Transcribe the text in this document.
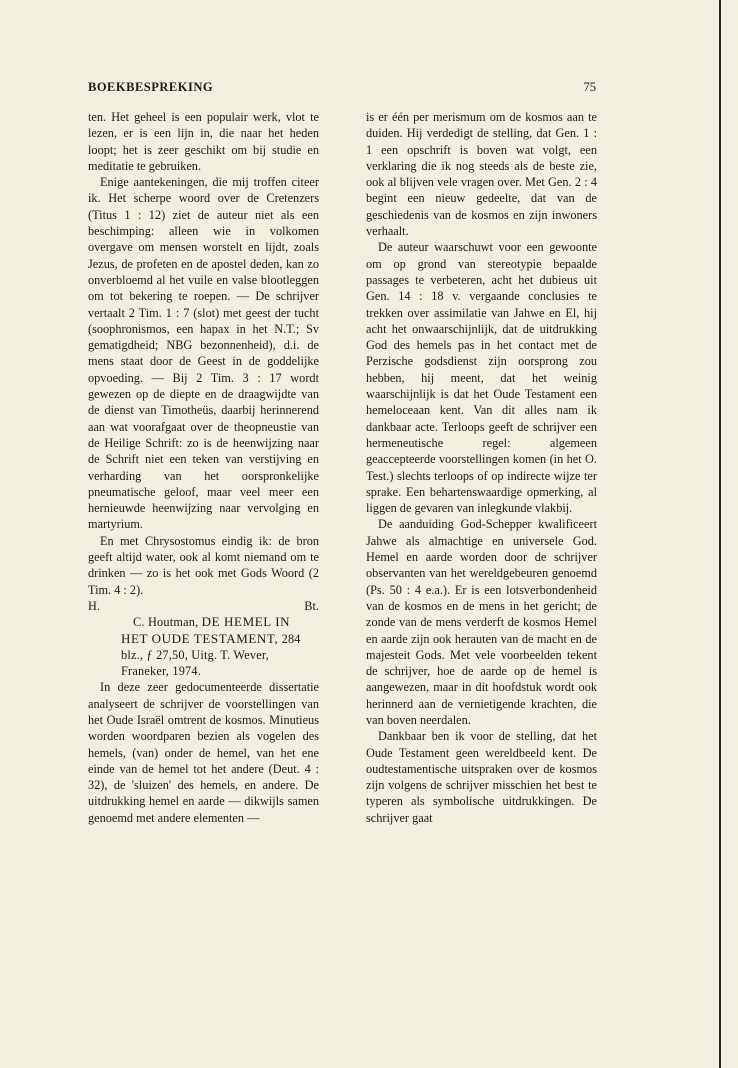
BOEKBESPREKING	75

ten. Het geheel is een populair werk, vlot te lezen, er is een lijn in, die naar het heden loopt; het is zeer geschikt om bij studie en meditatie te gebruiken.

Enige aantekeningen, die mij troffen citeer ik. Het scherpe woord over de Cretenzers (Titus 1 : 12) ziet de auteur niet als een beschimping: alleen wie in volkomen overgave om mensen worstelt en lijdt, zoals Jezus, de profeten en de apostel deden, kan zo onverbloemd al het vuile en valse blootleggen om tot bekering te roepen. — De schrijver vertaalt 2 Tim. 1 : 7 (slot) met geest der tucht (soophronismos, een hapax in het N.T.; Sv gematigdheid; NBG bezonnenheid), d.i. de mens staat door de Geest in de goddelijke opvoeding. — Bij 2 Tim. 3 : 17 wordt gewezen op de diepte en de draagwijdte van de dienst van Timotheüs, daarbij herinnerend aan wat voorafgaat over de theopneustie van de Heilige Schrift: zo is de heenwijzing naar de Schrift niet een teken van verstijving en verharding van het oorspronkelijke pneumatische geloof, maar veel meer een hernieuwde heenwijzing naar vervolging en martyrium.

En met Chrysostomus eindig ik: de bron geeft altijd water, ook al komt niemand om te drinken — zo is het ook met Gods Woord (2 Tim. 4 : 2).

H.	Bt.

C. Houtman, DE HEMEL IN HET OUDE TESTAMENT, 284 blz., ƒ 27,50, Uitg. T. Wever, Franeker, 1974.

In deze zeer gedocumenteerde dissertatie analyseert de schrijver de voorstellingen van het Oude Israël omtrent de kosmos. Minutieus worden woordparen bezien als vogelen des hemels, (van) onder de hemel, van het ene einde van de hemel tot het andere (Deut. 4 : 32), de 'sluizen' des hemels, en andere. De uitdrukking hemel en aarde — dikwijls samen genoemd met andere elementen —

is er één per merismum om de kosmos aan te duiden. Hij verdedigt de stelling, dat Gen. 1 : 1 een opschrift is boven wat volgt, een verklaring die ik nog steeds als de beste zie, ook al blijven vele vragen over. Met Gen. 2 : 4 begint een nieuw gedeelte, dat van de geschiedenis van de kosmos en zijn inwoners verhaalt.

De auteur waarschuwt voor een gewoonte om op grond van stereotypie bepaalde passages te verbeteren, acht het dubieus uit Gen. 14 : 18 v. vergaande conclusies te trekken over assimilatie van Jahwe en El, hij acht het onwaarschijnlijk, dat de uitdrukking God des hemels pas in het contact met de Perzische godsdienst zijn oorsprong zou hebben, hij meent, dat het weinig waarschijnlijk is dat het Oude Testament een hemeloceaan kent. Van dit alles nam ik dankbaar acte. Terloops geeft de schrijver een hermeneutische regel: algemeen geaccepteerde voorstellingen komen (in het O. Test.) slechts terloops of op indirecte wijze ter sprake. Een behartenswaardige opmerking, al liggen de gevaren van inlegkunde vlakbij.

De aanduiding God-Schepper kwalificeert Jahwe als almachtige en universele God. Hemel en aarde worden door de schrijver observanten van het wereldgebeuren genoemd (Ps. 50 : 4 e.a.). Er is een lotsverbondenheid van de kosmos en de mens in het gericht; de zonde van de mens verderft de kosmos Hemel en aarde zijn ook herauten van de macht en de majesteit Gods. Met vele voorbeelden tekent de schrijver, hoe de aarde op de hemel is aangewezen, maar in dit hoofdstuk wordt ook herinnerd aan de vernietigende krachten, die van boven neerdalen.

Dankbaar ben ik voor de stelling, dat het Oude Testament geen wereldbeeld kent. De oudtestamentische uitspraken over de kosmos zijn volgens de schrijver misschien het best te typeren als symbolische uitdrukkingen. De schrijver gaat
